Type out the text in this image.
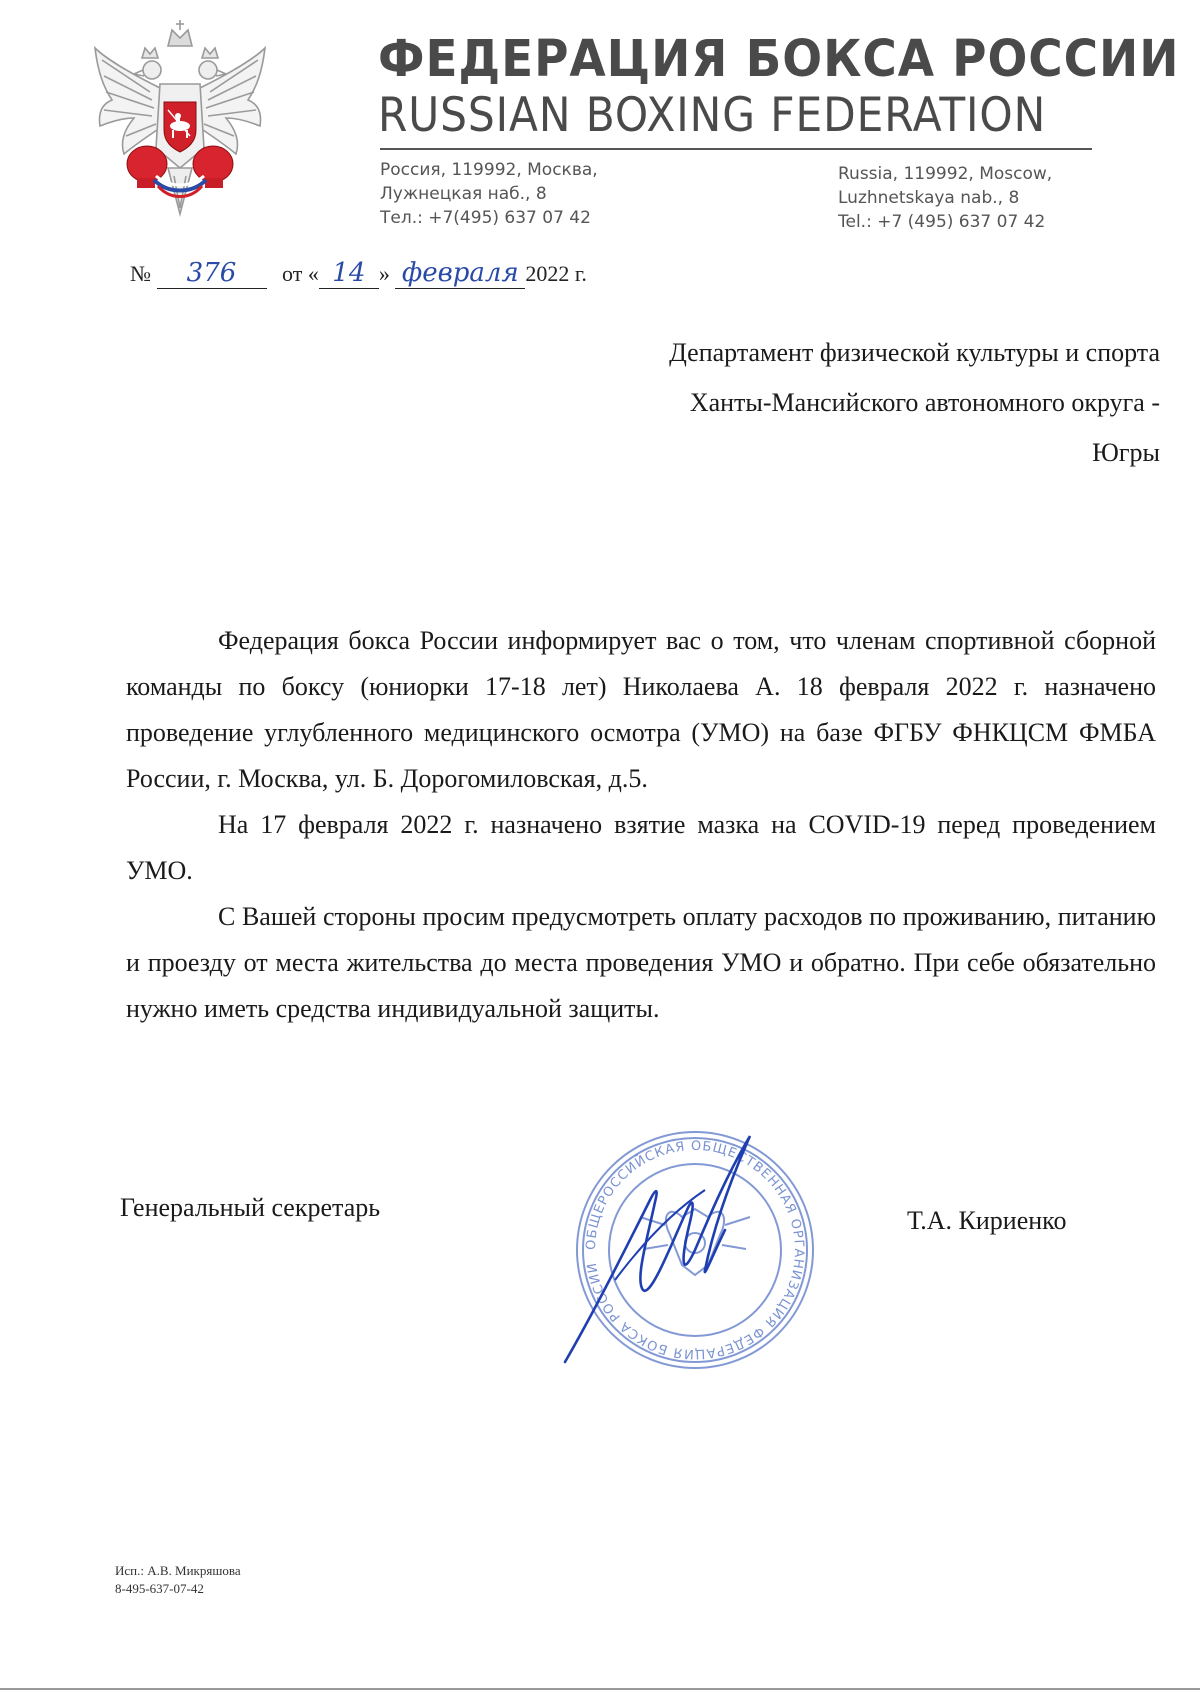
ФЕДЕРАЦИЯ БОКСА РОССИИ
RUSSIAN BOXING FEDERATION
Россия, 119992, Москва,
Лужнецкая наб., 8
Тел.: +7(495) 637 07 42
Russia, 119992, Moscow,
Luzhnetskaya nab., 8
Tel.: +7 (495) 637 07 42
№ 376 от « 14 » февраля 2022 г.
Департамент физической культуры и спорта
Ханты-Мансийского автономного округа -
Югры

Федерация бокса России информирует вас о том, что членам спортивной сборной команды по боксу (юниорки 17-18 лет) Николаева А. 18 февраля 2022 г. назначено проведение углубленного медицинского осмотра (УМО) на базе ФГБУ ФНКЦСМ ФМБА России, г. Москва, ул. Б. Дорогомиловская, д.5.

На 17 февраля 2022 г. назначено взятие мазка на COVID-19 перед проведением УМО.

С Вашей стороны просим предусмотреть оплату расходов по проживанию, питанию и проезду от места жительства до места проведения УМО и обратно. При себе обязательно нужно иметь средства индивидуальной защиты.

Генеральный секретарь
ОБЩЕРОССИЙСКАЯ ОБЩЕСТВЕННАЯ ОРГАНИЗАЦИЯ ФЕДЕРАЦИЯ БОКСА РОССИИ
Т.А. Кириенко
Исп.: А.В. Микряшова
8-495-637-07-42
